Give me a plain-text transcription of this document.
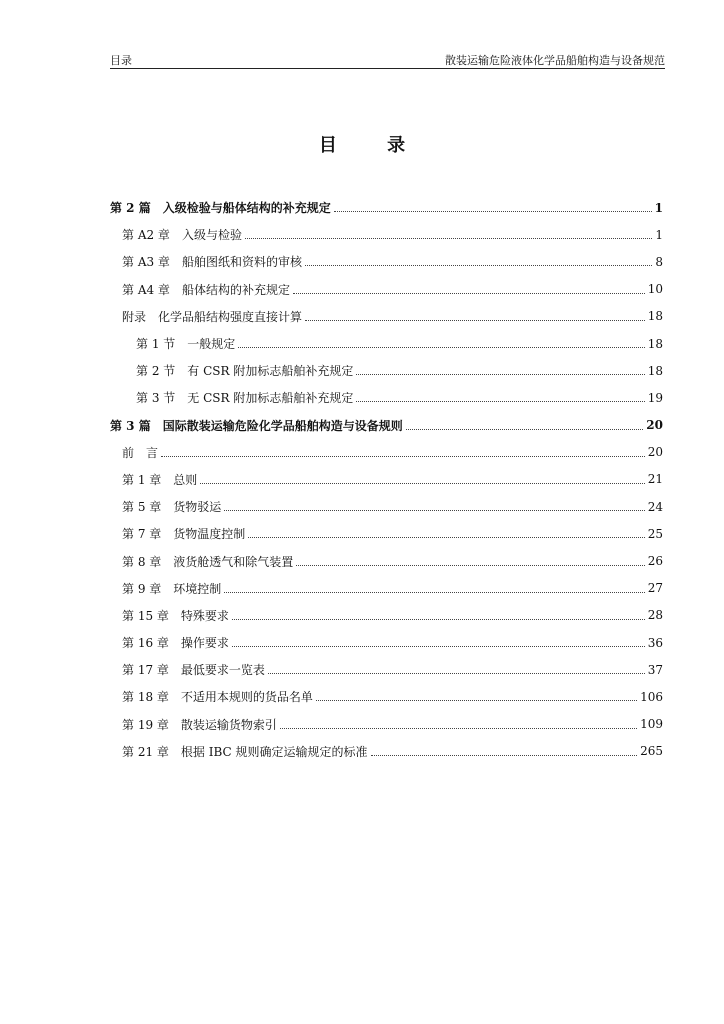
目录	散装运输危险液体化学品船舶构造与设备规范
目 录
第 2 篇 入级检验与船体结构的补充规定	1
第 A2 章 入级与检验	1
第 A3 章 船舶图纸和资料的审核	8
第 A4 章 船体结构的补充规定	10
附录 化学品船结构强度直接计算	18
第 1 节 一般规定	18
第 2 节 有 CSR 附加标志船舶补充规定	18
第 3 节 无 CSR 附加标志船舶补充规定	19
第 3 篇 国际散装运输危险化学品船舶构造与设备规则	20
前 言	20
第 1 章 总则	21
第 5 章 货物驳运	24
第 7 章 货物温度控制	25
第 8 章 液货舱透气和除气装置	26
第 9 章 环境控制	27
第 15 章 特殊要求	28
第 16 章 操作要求	36
第 17 章 最低要求一览表	37
第 18 章 不适用本规则的货品名单	106
第 19 章 散装运输货物索引	109
第 21 章 根据 IBC 规则确定运输规定的标准	265
